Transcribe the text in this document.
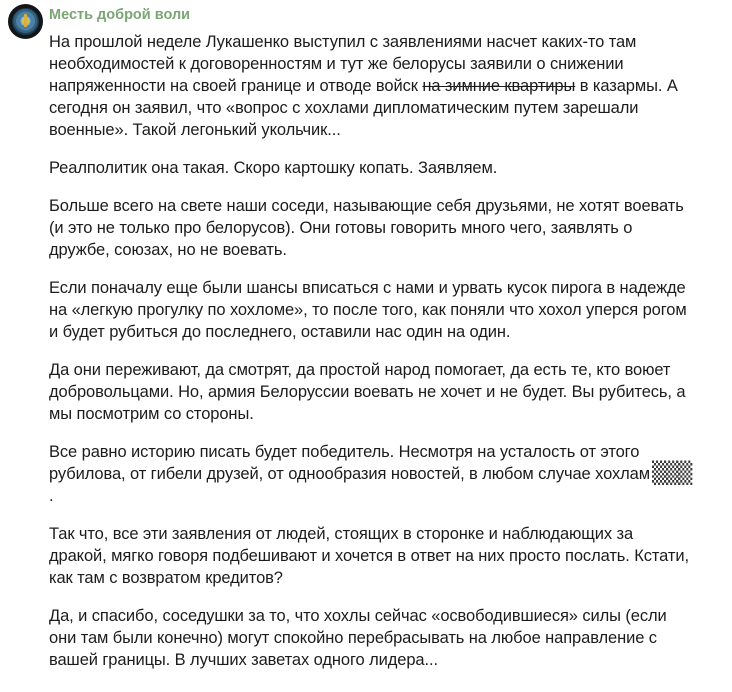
Месть доброй воли

На прошлой неделе Лукашенко выступил с заявлениями насчет каких-то там необходимостей к договоренностям и тут же белорусы заявили о снижении напряженности на своей границе и отводе войск на зимние квартиры в казармы. А сегодня он заявил, что «вопрос с хохлами дипломатическим путем зарешали военные». Такой легонький укольчик...

Реалполитик она такая. Скоро картошку копать. Заявляем.

Больше всего на свете наши соседи, называющие себя друзьями, не хотят воевать (и это не только про белорусов). Они готовы говорить много чего, заявлять о дружбе, союзах, но не воевать.

Если поначалу еще были шансы вписаться с нами и урвать кусок пирога в надежде на «легкую прогулку по хохломе», то после того, как поняли что хохол уперся рогом и будет рубиться до последнего, оставили нас один на один.

Да они переживают, да смотрят, да простой народ помогает, да есть те, кто воюет добровольцами. Но, армия Белоруссии воевать не хочет и не будет. Вы рубитесь, а мы посмотрим со стороны.

Все равно историю писать будет победитель. Несмотря на усталость от этого рубилова, от гибели друзей, от однообразия новостей, в любом случае хохлам▒▒▒.

Так что, все эти заявления от людей, стоящих в сторонке и наблюдающих за дракой, мягко говоря подбешивают и хочется в ответ на них просто послать. Кстати, как там с возвратом кредитов?

Да, и спасибо, соседушки за то, что хохлы сейчас «освободившиеся» силы (если они там были конечно) могут спокойно перебрасывать на любое направление с вашей границы. В лучших заветах одного лидера...
